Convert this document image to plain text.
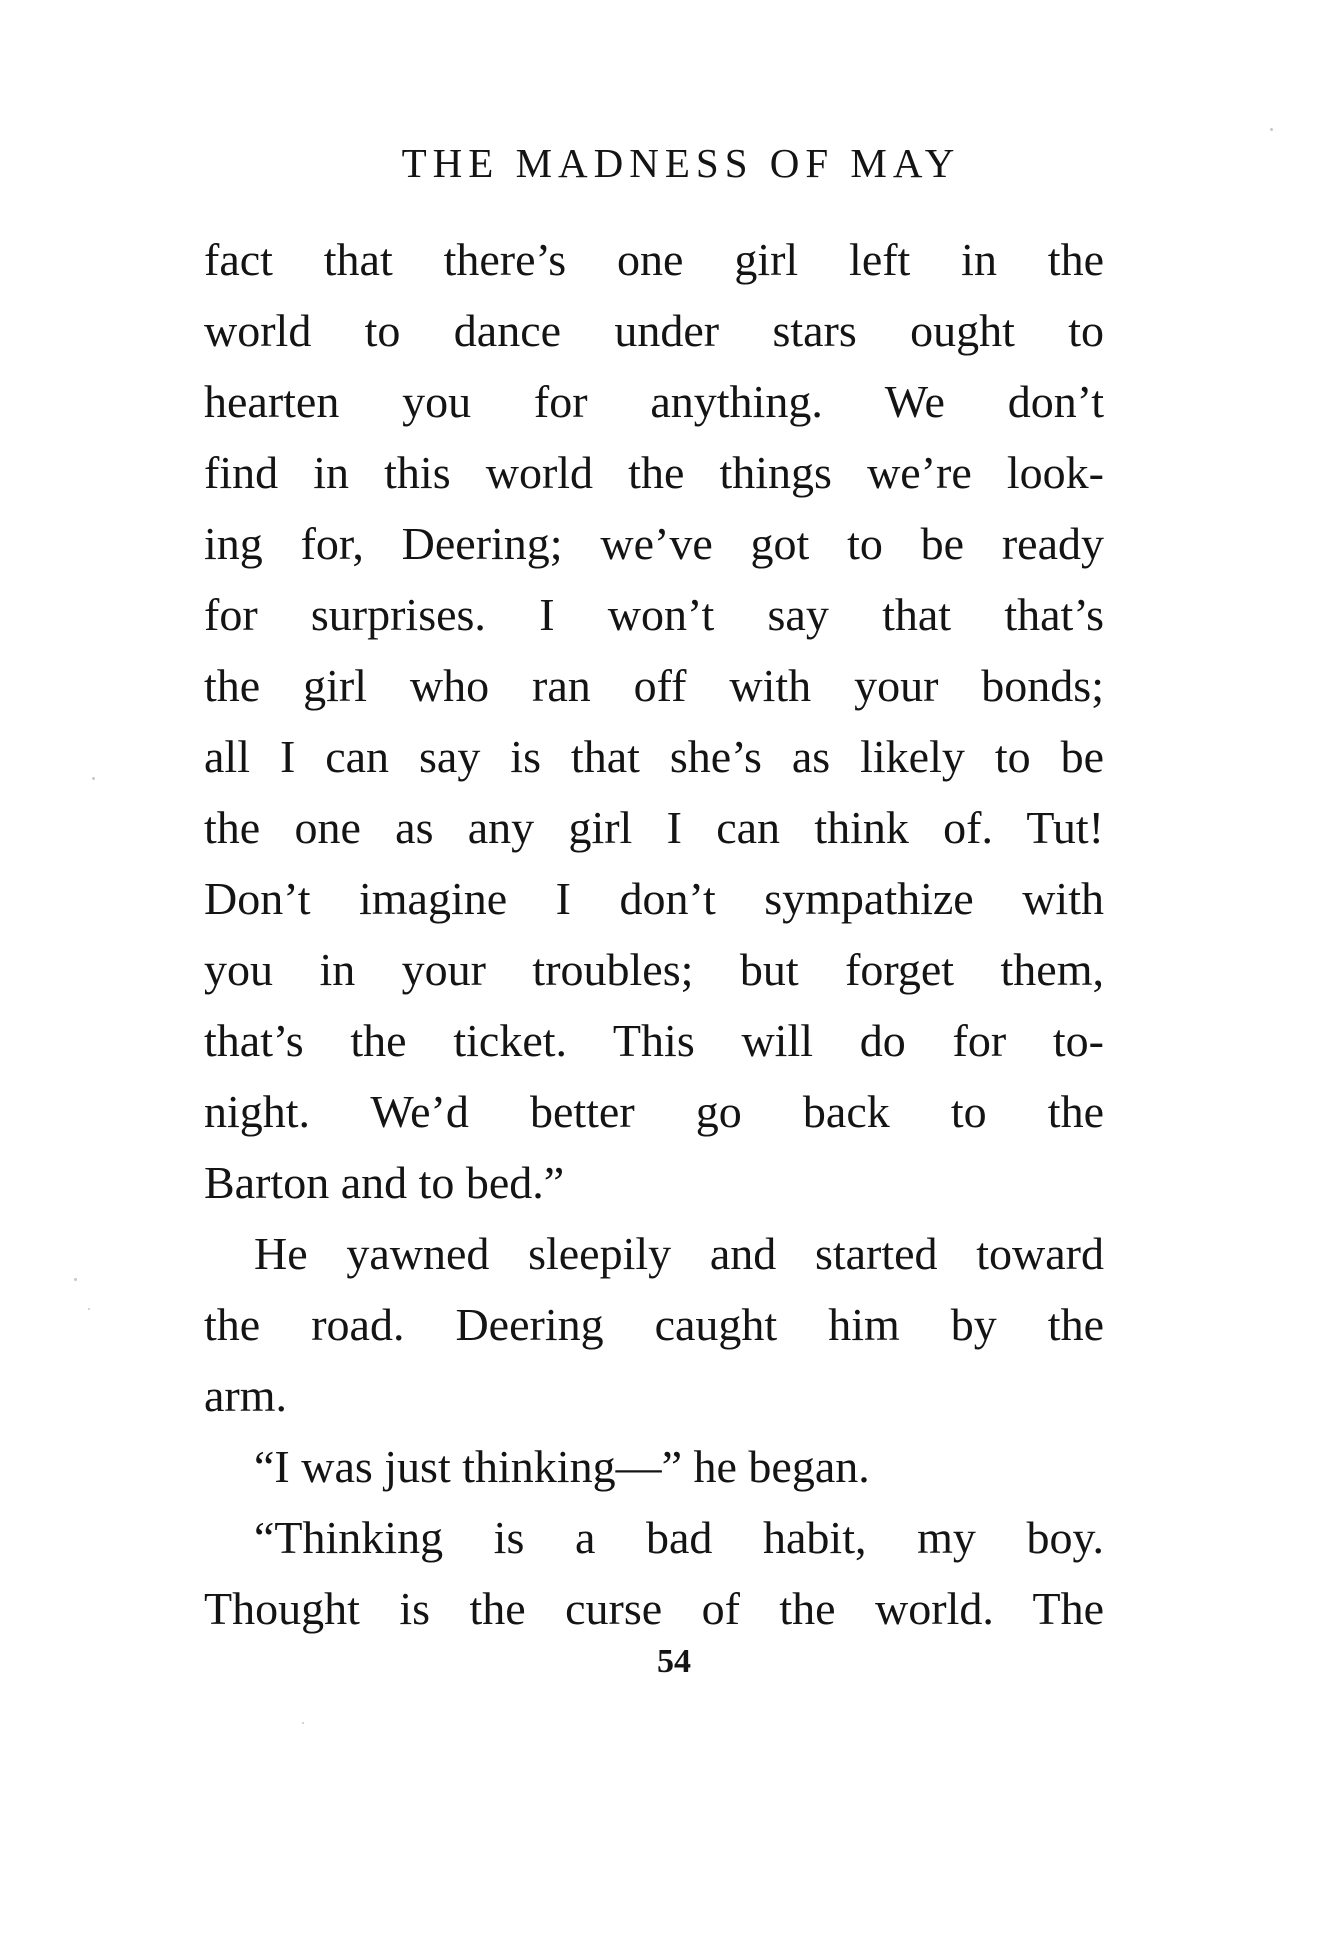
THE MADNESS OF MAY
fact that there’s one girl left in the
world to dance under stars ought to
hearten you for anything. We don’t
find in this world the things we’re look-
ing for, Deering; we’ve got to be ready
for surprises. I won’t say that that’s
the girl who ran off with your bonds;
all I can say is that she’s as likely to be
the one as any girl I can think of. Tut!
Don’t imagine I don’t sympathize with
you in your troubles; but forget them,
that’s the ticket. This will do for to-
night. We’d better go back to the
Barton and to bed.”
He yawned sleepily and started toward
the road. Deering caught him by the
arm.
“I was just thinking—” he began.
“Thinking is a bad habit, my boy.
Thought is the curse of the world. The
54
